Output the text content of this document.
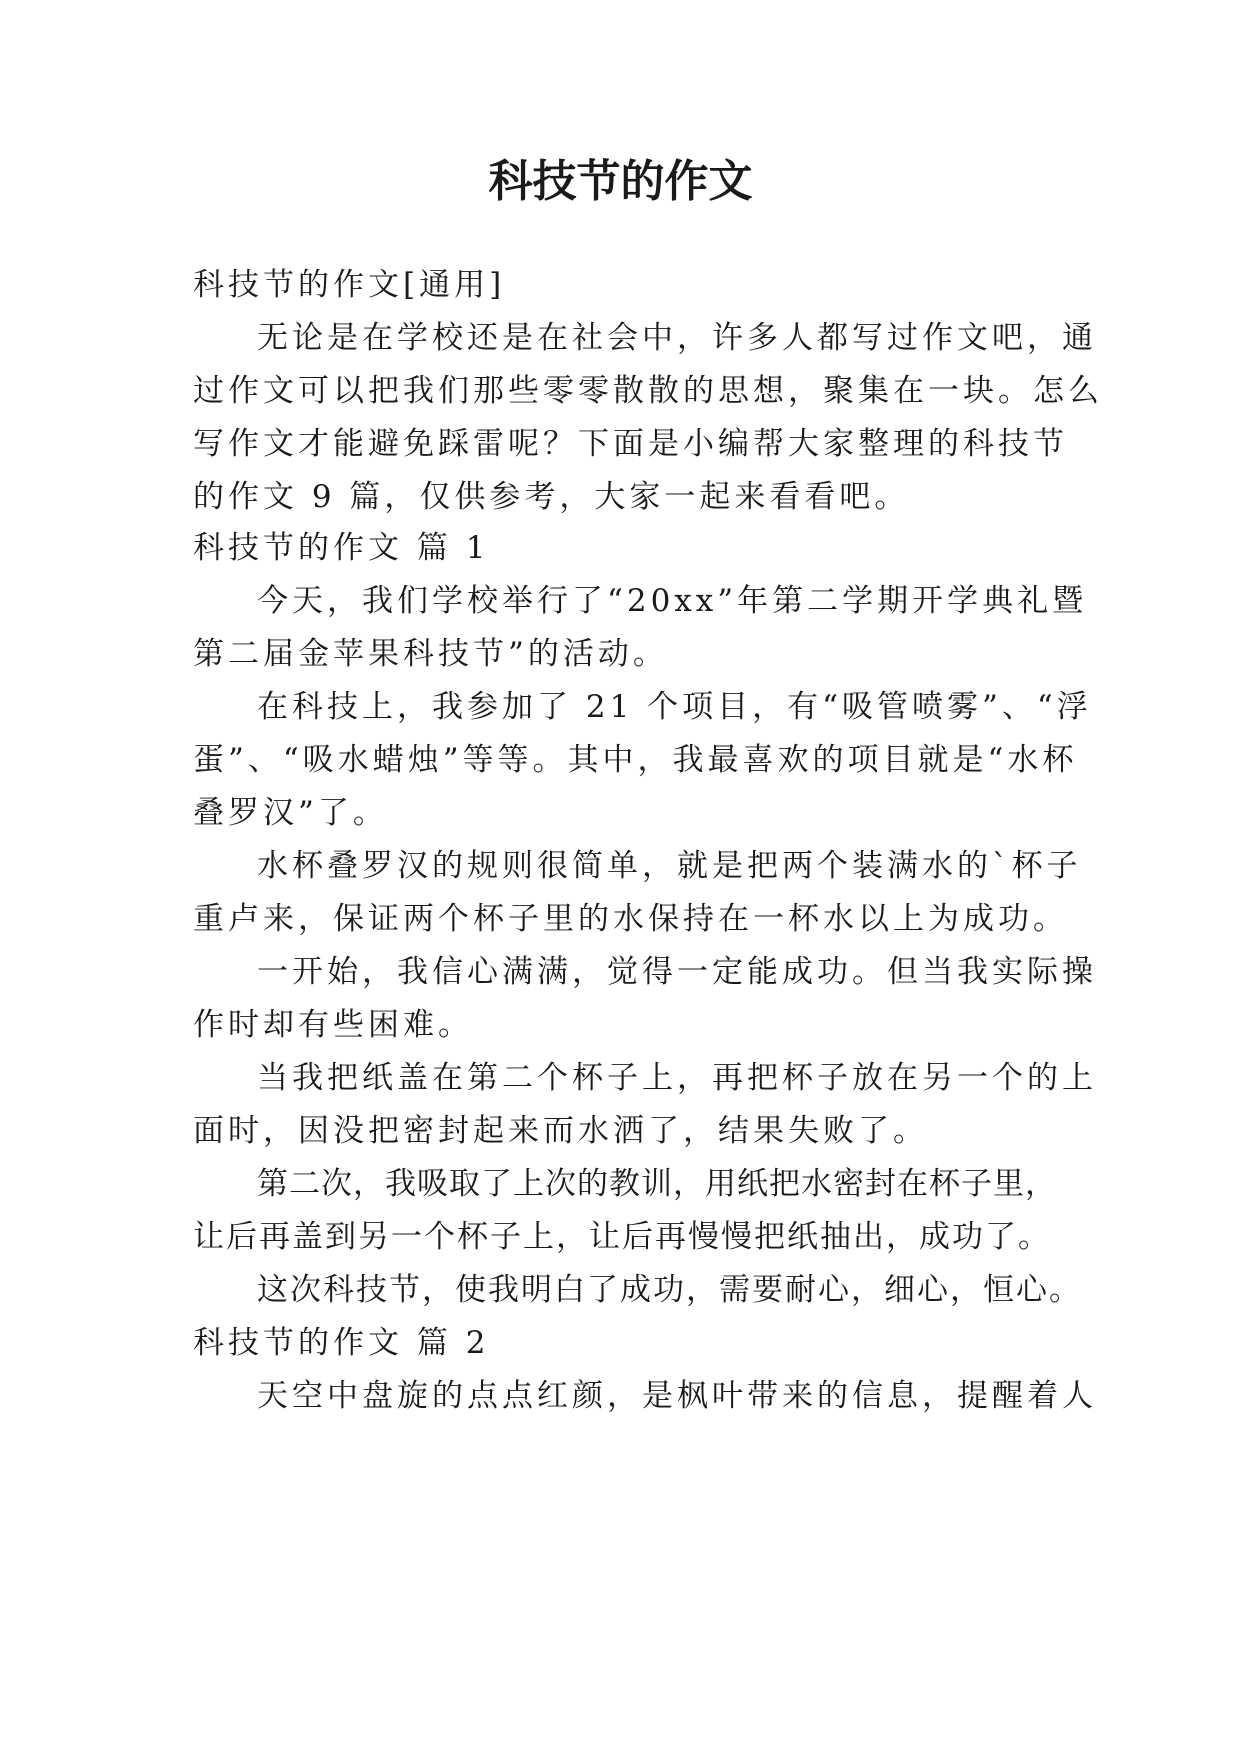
科技节的作文

科技节的作文[通用]

无论是在学校还是在社会中，许多人都写过作文吧，通

过作文可以把我们那些零零散散的思想，聚集在一块。怎么

写作文才能避免踩雷呢？下面是小编帮大家整理的科技节

的作文 9 篇，仅供参考，大家一起来看看吧。

科技节的作文 篇 1

今天，我们学校举行了“20xx”年第二学期开学典礼暨

第二届金苹果科技节”的活动。

在科技上，我参加了 21 个项目，有“吸管喷雾”、“浮

蛋”、“吸水蜡烛”等等。其中，我最喜欢的项目就是“水杯

叠罗汉”了。

水杯叠罗汉的规则很简单，就是把两个装满水的`杯子

重卢来，保证两个杯子里的水保持在一杯水以上为成功。

一开始，我信心满满，觉得一定能成功。但当我实际操

作时却有些困难。

当我把纸盖在第二个杯子上，再把杯子放在另一个的上

面时，因没把密封起来而水洒了，结果失败了。

第二次，我吸取了上次的教训，用纸把水密封在杯子里，

让后再盖到另一个杯子上，让后再慢慢把纸抽出，成功了。

这次科技节，使我明白了成功，需要耐心，细心，恒心。

科技节的作文 篇 2

天空中盘旋的点点红颜，是枫叶带来的信息，提醒着人
